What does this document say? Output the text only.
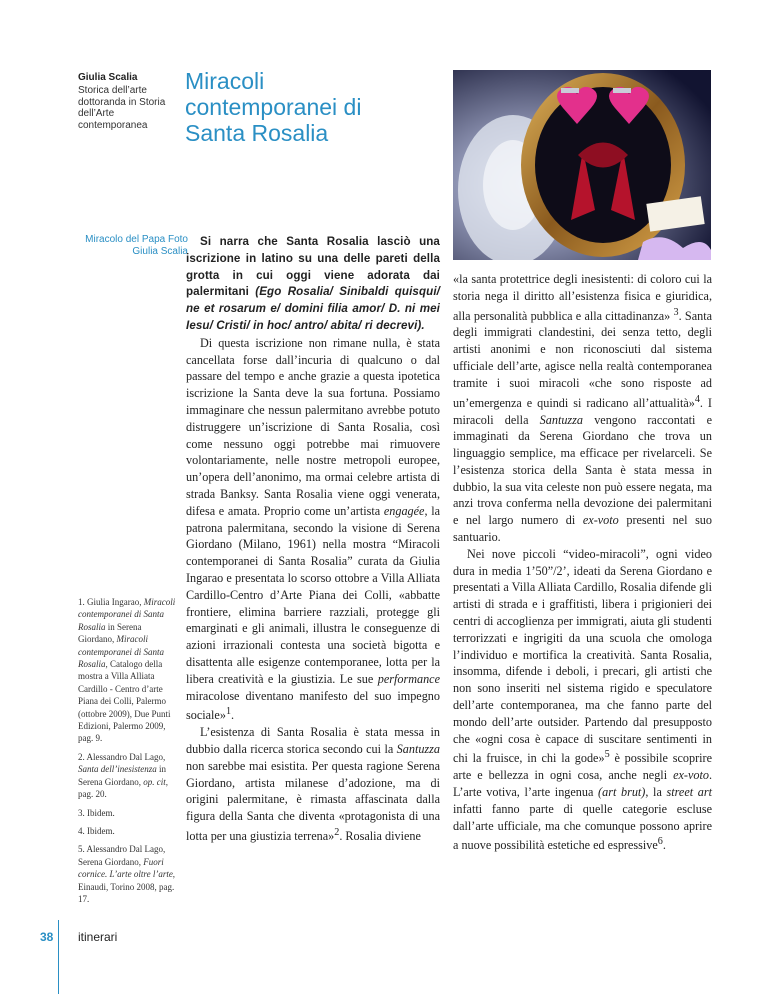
Giulia Scalia
Storica dell’arte dottoranda in Storia dell’Arte contemporanea
Miracoli contemporanei di Santa Rosalia
Miracolo del Papa Foto Giulia Scalia

1. Giulia Ingarao, Miracoli contemporanei di Santa Rosalia in Serena Giordano, Miracoli contemporanei di Santa Rosalia, Catalogo della mostra a Villa Alliata Cardillo - Centro d’arte Piana dei Colli, Palermo (ottobre 2009), Due Punti Edizioni, Palermo 2009, pag. 9.

2. Alessandro Dal Lago, Santa dell’inesistenza in Serena Giordano, op. cit, pag. 20.

3. Ibidem.

4. Ibidem.

5. Alessandro Dal Lago, Serena Giordano, Fuori cornice. L’arte oltre l’arte, Einaudi, Torino 2008, pag. 17.

Si narra che Santa Rosalia lasciò una iscrizione in latino su una delle pareti della grotta in cui oggi viene adorata dai palermitani (Ego Rosalia/ Sinibaldi quisqui/ ne et rosarum e/ domini filia amor/ D. ni mei Iesu/ Cristi/ in hoc/ antro/ abita/ ri decrevi).

Di questa iscrizione non rimane nulla, è stata cancellata forse dall’incuria di qualcuno o dal passare del tempo e anche grazie a questa ipotetica iscrizione la Santa deve la sua fortuna. Possiamo immaginare che nessun palermitano avrebbe potuto distruggere un’iscrizione di Santa Rosalia, così come nessuno oggi potrebbe mai rimuovere volontariamente, nelle nostre metropoli europee, un’opera dell’anonimo, ma ormai celebre artista di strada Banksy. Santa Rosalia viene oggi venerata, difesa e amata. Proprio come un’artista engagée, la patrona palermitana, secondo la visione di Serena Giordano (Milano, 1961) nella mostra “Miracoli contemporanei di Santa Rosalia” curata da Giulia Ingarao e presentata lo scorso ottobre a Villa Alliata Cardillo-Centro d’Arte Piana dei Colli, «abbatte frontiere, elimina barriere razziali, protegge gli emarginati e gli animali, illustra le conseguenze di azioni irrazionali contesta una società bigotta e disattenta alle esigenze contemporanee, lotta per la libera creatività e la giustizia. Le sue performance miracolose diventano manifesto del suo impegno sociale»$^1$.

L’esistenza di Santa Rosalia è stata messa in dubbio dalla ricerca storica secondo cui la Santuzza non sarebbe mai esistita. Per questa ragione Serena Giordano, artista milanese d’adozione, ma di origini palermitane, è rimasta affascinata dalla figura della Santa che diventa «protagonista di una lotta per una giustizia terrena»$^2$. Rosalia diviene

«la santa protettrice degli inesistenti: di coloro cui la storia nega il diritto all’esistenza fisica e giuridica, alla personalità pubblica e alla cittadinanza» $^3$. Santa degli immigrati clandestini, dei senza tetto, degli artisti anonimi e non riconosciuti dal sistema ufficiale dell’arte, agisce nella realtà contemporanea tramite i suoi miracoli «che sono risposte ad un’emergenza e quindi si radicano all’attualità»$^4$. I miracoli della Santuzza vengono raccontati e immaginati da Serena Giordano che trova un linguaggio semplice, ma efficace per rivelarceli. Se l’esistenza storica della Santa è stata messa in dubbio, la sua vita celeste non può essere negata, ma anzi trova conferma nella devozione dei palermitani e nel largo numero di ex-voto presenti nel suo santuario.

Nei nove piccoli “video-miracoli”, ogni video dura in media 1’50”/2’, ideati da Serena Giordano e presentati a Villa Alliata Cardillo, Rosalia difende gli artisti di strada e i graffitisti, libera i prigionieri dei centri di accoglienza per immigrati, aiuta gli studenti terrorizzati e ingrigiti da una scuola che omologa l’individuo e mortifica la creatività. Santa Rosalia, insomma, difende i deboli, i precari, gli artisti che non sono inseriti nel sistema rigido e speculatore dell’arte contemporanea, ma che fanno parte del mondo dell’arte outsider. Partendo dal presupposto che «ogni cosa è capace di suscitare sentimenti in chi la fruisce, in chi la gode»$^5$ è possibile scoprire arte e bellezza in ogni cosa, anche negli ex-voto. L’arte votiva, l’arte ingenua (art brut), la street art infatti fanno parte di quelle categorie escluse dall’arte ufficiale, ma che comunque possono aprire a nuove possibilità estetiche ed espressive$^6$.

38 itinerari
